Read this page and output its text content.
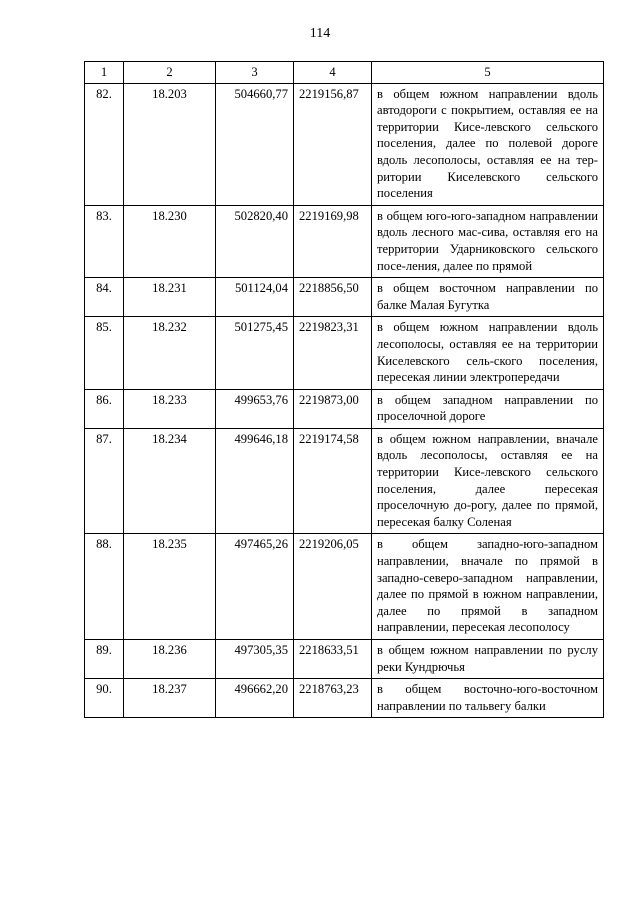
114
1	2	3	4	5
82.	18.203	504660,77	2219156,87	в общем южном направлении вдоль автодороги с покрытием, оставляя ее на территории Кисе-левского сельского поселения, далее по полевой дороге вдоль лесополосы, оставляя ее на тер-ритории Киселевского сельского поселения
83.	18.230	502820,40	2219169,98	в общем юго-юго-западном направлении вдоль лесного мас-сива, оставляя его на территории Ударниковского сельского посе-ления, далее по прямой
84.	18.231	501124,04	2218856,50	в общем восточном направлении по балке Малая Бугутка
85.	18.232	501275,45	2219823,31	в общем южном направлении вдоль лесополосы, оставляя ее на территории Киселевского сель-ского поселения, пересекая линии электропередачи
86.	18.233	499653,76	2219873,00	в общем западном направлении по проселочной дороге
87.	18.234	499646,18	2219174,58	в общем южном направлении, вначале вдоль лесополосы, оставляя ее на территории Кисе-левского сельского поселения, далее пересекая проселочную до-рогу, далее по прямой, пересекая балку Соленая
88.	18.235	497465,26	2219206,05	в общем западно-юго-западном направлении, вначале по прямой в западно-северо-западном направлении, далее по прямой в южном направлении, далее по прямой в западном направлении, пересекая лесополосу
89.	18.236	497305,35	2218633,51	в общем южном направлении по руслу реки Кундрючья
90.	18.237	496662,20	2218763,23	в общем восточно-юго-восточном направлении по тальвегу балки
